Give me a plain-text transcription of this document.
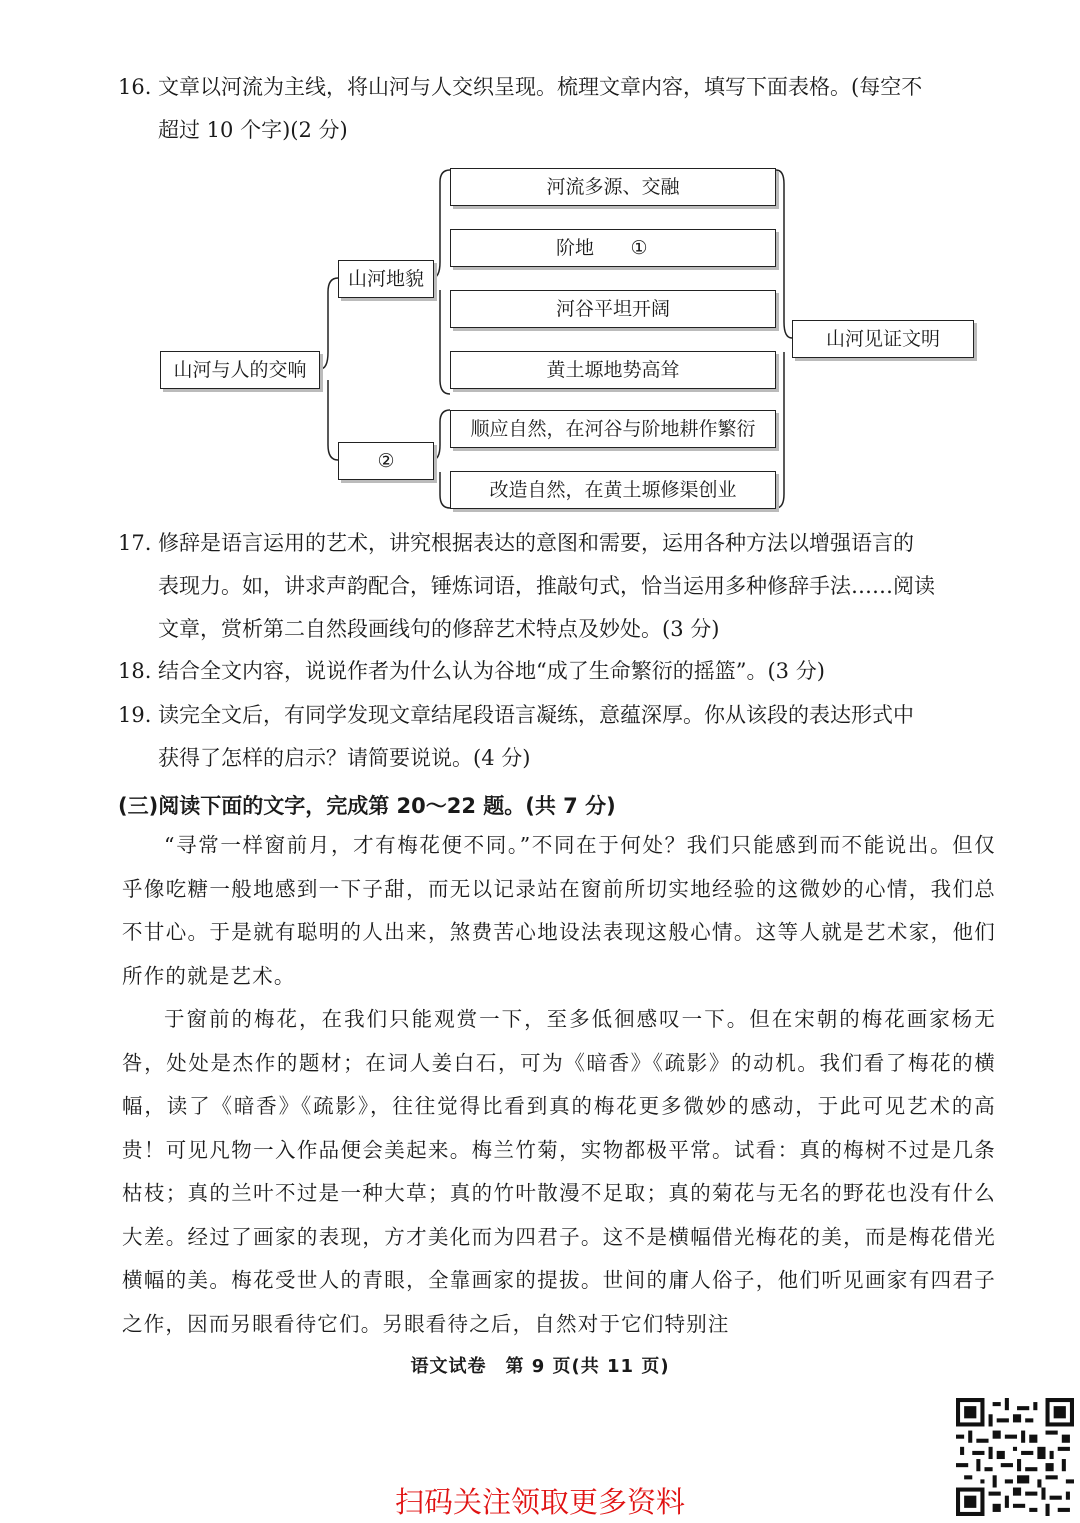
16. 文章以河流为主线，将山河与人交织呈现。梳理文章内容，填写下面表格。(每空不
超过 10 个字)(2 分)
山河与人的交响
山河地貌
②
河流多源、交融
阶地 ①
河谷平坦开阔
黄土塬地势高耸
顺应自然，在河谷与阶地耕作繁衍
改造自然，在黄土塬修渠创业
山河见证文明
17. 修辞是语言运用的艺术，讲究根据表达的意图和需要，运用各种方法以增强语言的
表现力。如，讲求声韵配合，锤炼词语，推敲句式，恰当运用多种修辞手法……阅读
文章，赏析第二自然段画线句的修辞艺术特点及妙处。(3 分)
18. 结合全文内容，说说作者为什么认为谷地“成了生命繁衍的摇篮”。(3 分)
19. 读完全文后，有同学发现文章结尾段语言凝练，意蕴深厚。你从该段的表达形式中
获得了怎样的启示？请简要说说。(4 分)
(三)阅读下面的文字，完成第 20～22 题。(共 7 分)
“寻常一样窗前月，才有梅花便不同。”不同在于何处？我们只能感到而不能说出。但仅乎像吃糖一般地感到一下子甜，而无以记录站在窗前所切实地经验的这微妙的心情，我们总不甘心。于是就有聪明的人出来，煞费苦心地设法表现这般心情。这等人就是艺术家，他们所作的就是艺术。
于窗前的梅花，在我们只能观赏一下，至多低徊感叹一下。但在宋朝的梅花画家杨无咎，处处是杰作的题材；在词人姜白石，可为《暗香》《疏影》的动机。我们看了梅花的横幅，读了《暗香》《疏影》，往往觉得比看到真的梅花更多微妙的感动，于此可见艺术的高贵！可见凡物一入作品便会美起来。梅兰竹菊，实物都极平常。试看：真的梅树不过是几条枯枝；真的兰叶不过是一种大草；真的竹叶散漫不足取；真的菊花与无名的野花也没有什么大差。经过了画家的表现，方才美化而为四君子。这不是横幅借光梅花的美，而是梅花借光横幅的美。梅花受世人的青眼，全靠画家的提拔。世间的庸人俗子，他们听见画家有四君子之作，因而另眼看待它们。另眼看待之后，自然对于它们特别注
语文试卷　第 9 页(共 11 页)
扫码关注领取更多资料
